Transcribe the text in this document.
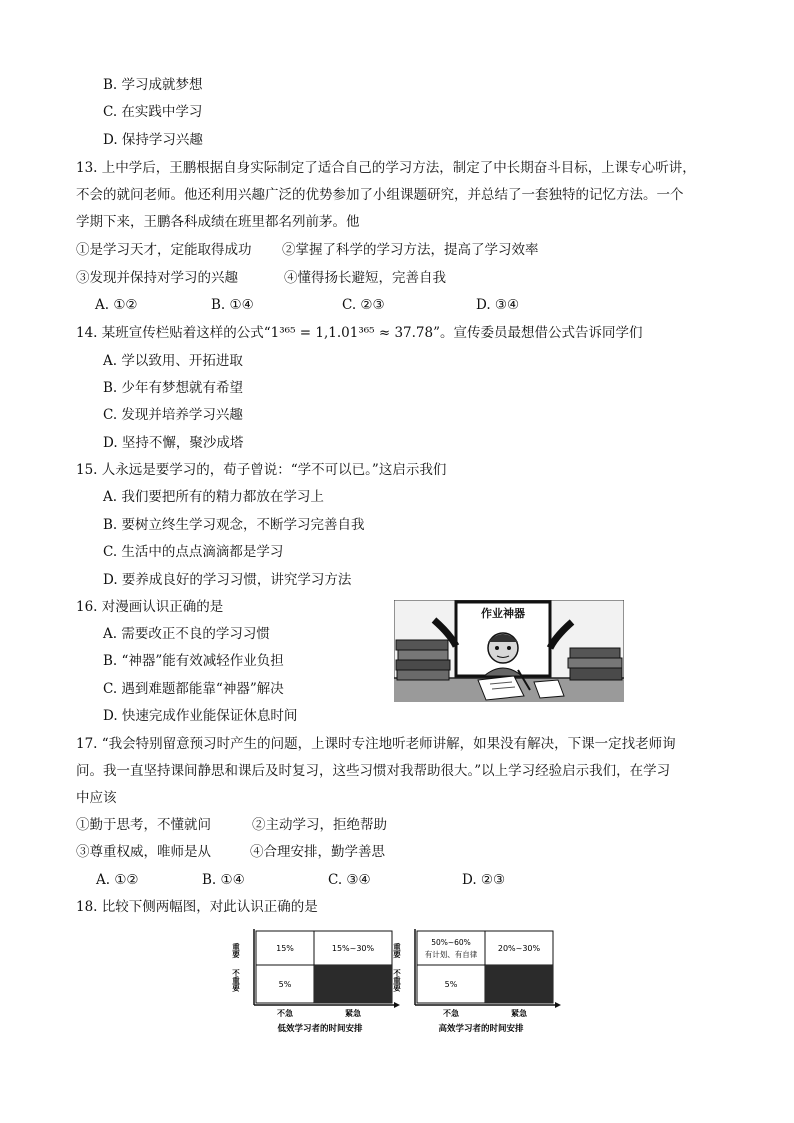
B. 学习成就梦想
C. 在实践中学习
D. 保持学习兴趣
13. 上中学后，王鹏根据自身实际制定了适合自己的学习方法，制定了中长期奋斗目标，上课专心听讲，
不会的就问老师。他还利用兴趣广泛的优势参加了小组课题研究，并总结了一套独特的记忆方法。一个
学期下来，王鹏各科成绩在班里都名列前茅。他
①是学习天才，定能取得成功 ②掌握了科学的学习方法，提高了学习效率
③发现并保持对学习的兴趣	④懂得扬长避短，完善自我
A. ①②	B. ①④	C. ②③	D. ③④
14. 某班宣传栏贴着这样的公式“1³⁶⁵ = 1,1.01³⁶⁵ ≈ 37.78”。宣传委员最想借公式告诉同学们
A. 学以致用、开拓进取
B. 少年有梦想就有希望
C. 发现并培养学习兴趣
D. 坚持不懈，聚沙成塔
15. 人永远是要学习的，荀子曾说：“学不可以已。”这启示我们
A. 我们要把所有的精力都放在学习上
B. 要树立终生学习观念，不断学习完善自我
C. 生活中的点点滴滴都是学习
D. 要养成良好的学习习惯，讲究学习方法
16. 对漫画认识正确的是
A. 需要改正不良的学习习惯
B. “神器”能有效减轻作业负担
C. 遇到难题都能靠“神器”解决
D. 快速完成作业能保证休息时间
作业神器
17. “我会特别留意预习时产生的问题，上课时专注地听老师讲解，如果没有解决，下课一定找老师询
问。我一直坚持课间静思和课后及时复习，这些习惯对我帮助很大。”以上学习经验启示我们，在学习
中应该
①勤于思考，不懂就问	②主动学习，拒绝帮助
③尊重权威，唯师是从	④合理安排，勤学善思
A. ①②	B. ①④	C. ③④	D. ②③
18. 比较下侧两幅图，对此认识正确的是
重要
不重要
15%	15%~30%
5%
不急	紧急
低效学习者的时间安排
重要
不重要
50%~60%
有计划、有自律
20%~30%
5%
不急	紧急
高效学习者的时间安排
